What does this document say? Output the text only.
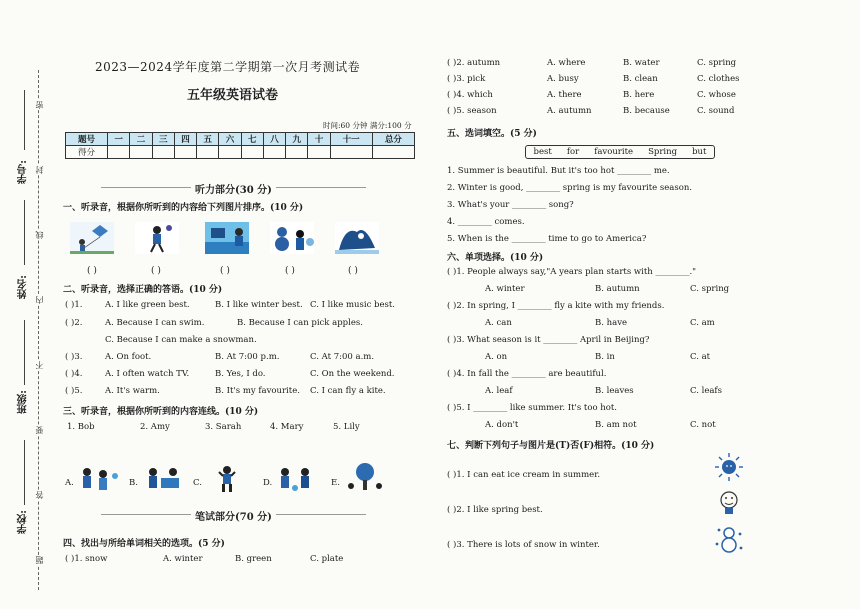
学号:
姓名:
班级:
学校:
密
封
线
内
不
要
答
题
2023—2024学年度第二学期第一次月考测试卷
五年级英语试卷
时间:60 分钟 满分:100 分
题号	一	二	三	四	五	六	七	八	九	十	十一	总分
得分												
听力部分(30 分)
一、听录音，根据你所听到的内容给下列图片排序。(10 分)
( )	( )	( )	( )	( )
二、听录音，选择正确的答语。(10 分)
( )1.	A. I like green best.	B. I like winter best. C. I like music best.
( )2.	A. Because I can swim.	B. Because I can pick apples.
C. Because I can make a snowman.
( )3.	A. On foot.	B. At 7:00 p.m.	C. At 7:00 a.m.
( )4.	A. I often watch TV.	B. Yes, I do.	C. On the weekend.
( )5.	A. It's warm.	B. It's my favourite. C. I can fly a kite.
三、听录音，根据你所听到的内容连线。(10 分)
1. Bob	2. Amy	3. Sarah	4. Mary	5. Lily
A.	B.	C.	D.	E.
笔试部分(70 分)
四、找出与所给单词相关的选项。(5 分)
( )1. snow	A. winter	B. green	C. plate
( )2. autumn	A. where	B. water	C. spring
( )3. pick	A. busy	B. clean	C. clothes
( )4. which	A. there	B. here	C. whose
( )5. season	A. autumn	B. because	C. sound
五、选词填空。(5 分)
best for favourite Spring but
1. Summer is beautiful. But it's too hot ________ me.
2. Winter is good, ________ spring is my favourite season.
3. What's your ________ song?
4. ________ comes.
5. When is the ________ time to go to America?
六、单项选择。(10 分)
( )1. People always say,"A years plan starts with ________."
A. winter	B. autumn	C. spring
( )2. In spring, I ________ fly a kite with my friends.
A. can	B. have	C. am
( )3. What season is it ________ April in Beijing?
A. on	B. in	C. at
( )4. In fall the ________ are beautiful.
A. leaf	B. leaves	C. leafs
( )5. I ________ like summer. It's too hot.
A. don't	B. am not	C. not
七、判断下列句子与图片是(T)否(F)相符。(10 分)
( )1. I can eat ice cream in summer.
( )2. I like spring best.
( )3. There is lots of snow in winter.
